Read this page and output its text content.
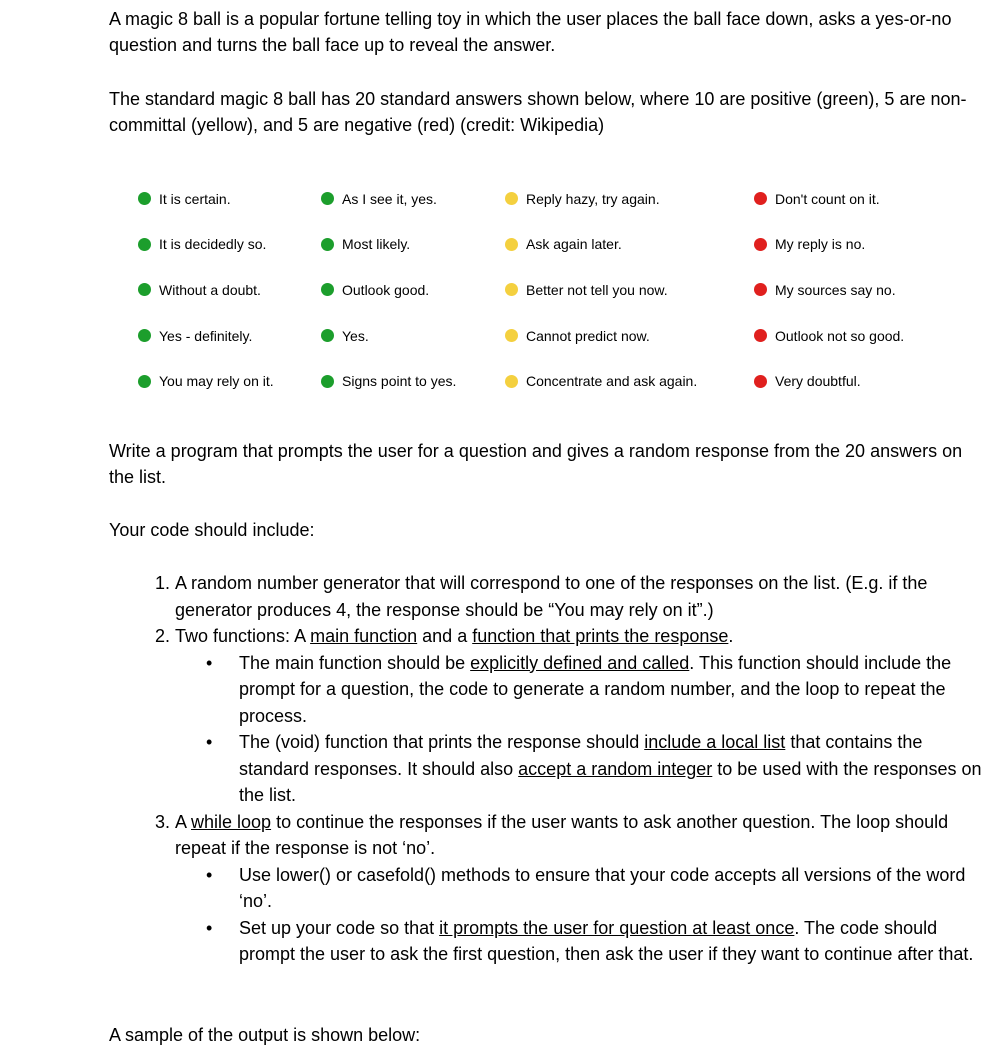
A magic 8 ball is a popular fortune telling toy in which the user places the ball face down, asks a yes-or-no question and turns the ball face up to reveal the answer.
The standard magic 8 ball has 20 standard answers shown below, where 10 are positive (green), 5 are non-committal (yellow), and 5 are negative (red) (credit: Wikipedia)
It is certain.
It is decidedly so.
Without a doubt.
Yes - definitely.
You may rely on it.
As I see it, yes.
Most likely.
Outlook good.
Yes.
Signs point to yes.
Reply hazy, try again.
Ask again later.
Better not tell you now.
Cannot predict now.
Concentrate and ask again.
Don't count on it.
My reply is no.
My sources say no.
Outlook not so good.
Very doubtful.
Write a program that prompts the user for a question and gives a random response from the 20 answers on the list.
Your code should include:
1. A random number generator that will correspond to one of the responses on the list. (E.g. if the generator produces 4, the response should be “You may rely on it”.)
2. Two functions: A main function and a function that prints the response.
• The main function should be explicitly defined and called. This function should include the prompt for a question, the code to generate a random number, and the loop to repeat the process.
• The (void) function that prints the response should include a local list that contains the standard responses. It should also accept a random integer to be used with the responses on the list.
3. A while loop to continue the responses if the user wants to ask another question. The loop should repeat if the response is not ‘no’.
• Use lower() or casefold() methods to ensure that your code accepts all versions of the word ‘no’.
• Set up your code so that it prompts the user for question at least once. The code should prompt the user to ask the first question, then ask the user if they want to continue after that.
A sample of the output is shown below:
